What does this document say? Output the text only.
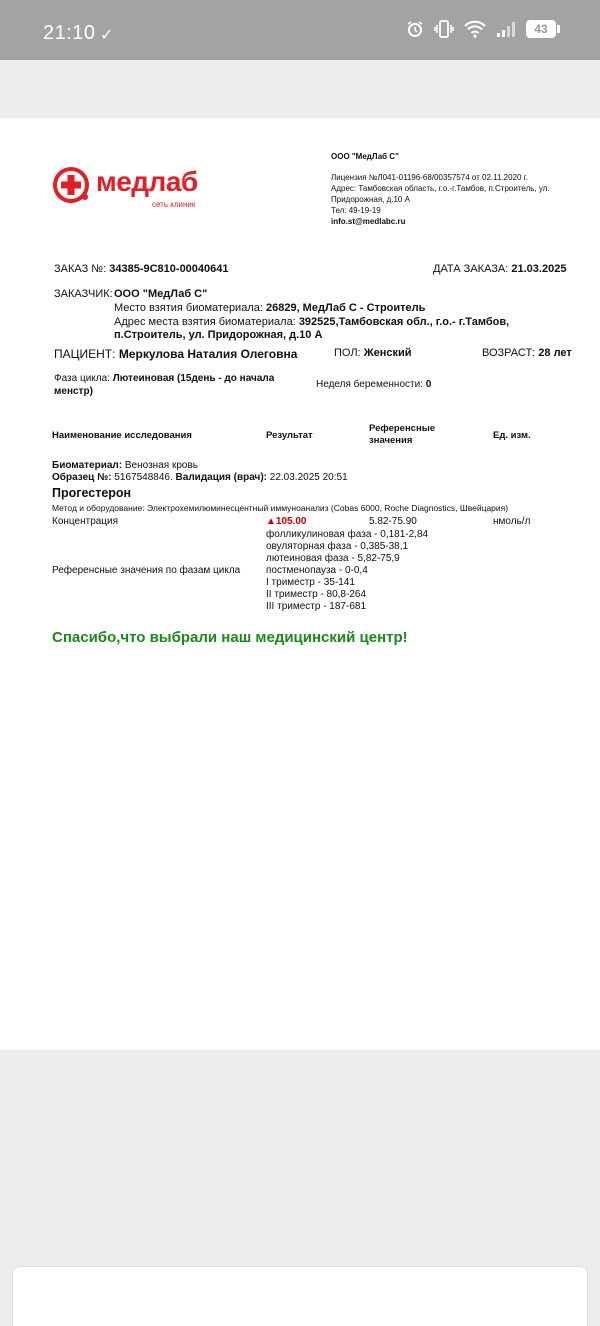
21:10 ✓	43
медлаб
сеть клиник
ООО "МедЛаб С"
Лицензия №Л041-01196-68/00357574 от 02.11.2020 г.
Адрес: Тамбовская область, г.о.-г.Тамбов, п.Строитель, ул. Придорожная, д.10 А
Тел: 49-19-19
info.st@medlabc.ru
ЗАКАЗ №: 34385-9C810-00040641	ДАТА ЗАКАЗА: 21.03.2025
ЗАКАЗЧИК: ООО "МедЛаб С"
Место взятия биоматериала: 26829, МедЛаб С - Строитель
Адрес места взятия биоматериала: 392525,Тамбовская обл., г.о.- г.Тамбов,
п.Строитель, ул. Придорожная, д.10 А
ПАЦИЕНТ: Меркулова Наталия Олеговна	ПОЛ: Женский	ВОЗРАСТ: 28 лет
Фаза цикла: Лютеиновая (15день - до начала
менстр)
Неделя беременности: 0
Наименование исследования	Результат
Референсные
значения	Ед. изм.
Биоматериал: Венозная кровь
Образец №: 5167548846. Валидация (врач): 22.03.2025 20:51
Прогестерон
Метод и оборудование: Электрохемилюминесцентный иммуноанализ (Cobas 6000, Roche Diagnostics, Швейцария)
Концентрация	▲105.00	5.82-75.90	нмоль/л
Референсные значения по фазам цикла
фолликулиновая фаза - 0,181-2,84
овуляторная фаза - 0,385-38,1
лютеиновая фаза - 5,82-75,9
постменопауза - 0-0,4
I триместр - 35-141
II триместр - 80,8-264
III триместр - 187-681
Спасибо,что выбрали наш медицинский центр!
